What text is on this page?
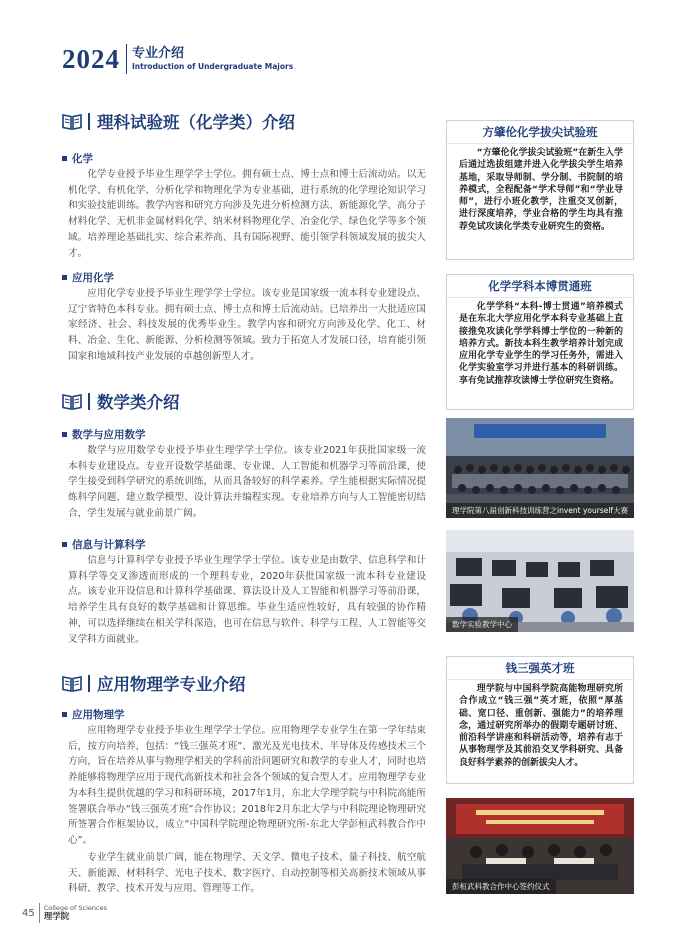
2024 专业介绍
Introduction of Undergraduate Majors
理科试验班（化学类）介绍
化学
化学专业授予毕业生理学学士学位。拥有硕士点、博士点和博士后流动站。以无机化学、有机化学、分析化学和物理化学为专业基础，进行系统的化学理论知识学习和实验技能训练。教学内容和研究方向涉及先进分析检测方法、新能源化学、高分子材料化学、无机非金属材料化学、纳米材料物理化学、冶金化学、绿色化学等多个领域。培养理论基础扎实、综合素养高、具有国际视野、能引领学科领域发展的拔尖人才。
应用化学
应用化学专业授予毕业生理学学士学位。该专业是国家级一流本科专业建设点、辽宁省特色本科专业。拥有硕士点、博士点和博士后流动站。已培养出一大批适应国家经济、社会、科技发展的优秀毕业生。教学内容和研究方向涉及化学、化工、材料、冶金、生化、新能源、分析检测等领域。致力于拓宽人才发展口径，培育能引领国家和地域科技产业发展的卓越创新型人才。
数学类介绍
数学与应用数学
数学与应用数学专业授予毕业生理学学士学位。该专业2021年获批国家级一流本科专业建设点。专业开设数学基础课、专业课、人工智能和机器学习等前沿课，使学生接受到科学研究的系统训练，从而具备较好的科学素养。学生能根据实际情况提炼科学问题、建立数学模型、设计算法并编程实现。专业培养方向与人工智能密切结合，学生发展与就业前景广阔。
信息与计算科学
信息与计算科学专业授予毕业生理学学士学位。该专业是由数学、信息科学和计算科学等交叉渗透而形成的一个理科专业，2020年获批国家级一流本科专业建设点。该专业开设信息和计算科学基础课、算法设计及人工智能和机器学习等前沿课，培养学生具有良好的数学基础和计算思维。毕业生适应性较好，具有较强的协作精神，可以选择继续在相关学科深造，也可在信息与软件、科学与工程、人工智能等交叉学科方面就业。
应用物理学专业介绍
应用物理学
应用物理学专业授予毕业生理学学士学位。应用物理学专业学生在第一学年结束后，按方向培养，包括：“钱三强英才班”、激光及光电技术、半导体及传感技术三个方向，旨在培养从事与物理学相关的学科前沿问题研究和教学的专业人才，同时也培养能够将物理学应用于现代高新技术和社会各个领域的复合型人才。应用物理学专业为本科生提供优越的学习和科研环境，2017年1月，东北大学理学院与中科院高能所签署联合举办“钱三强英才班”合作协议；2018年2月东北大学与中科院理论物理研究所签署合作框架协议，成立“中国科学院理论物理研究所-东北大学彭桓武科教合作中心”。
专业学生就业前景广阔，能在物理学、天文学、微电子技术、量子科技、航空航天、新能源、材料科学、光电子技术、数字医疗、自动控制等相关高新技术领域从事科研、教学、技术开发与应用、管理等工作。
方肇伦化学拔尖试验班
“方肇伦化学拔尖试验班”在新生入学后通过选拔组建并进入化学拔尖学生培养基地，采取导师制、学分制、书院制的培养模式，全程配备“学术导师”和“学业导师”，进行小班化教学，注重交叉创新，进行深度培养，学业合格的学生均具有推荐免试攻读化学类专业研究生的资格。
化学学科本博贯通班
化学学科“本科-博士贯通”培养模式是在东北大学应用化学本科专业基础上直接推免攻读化学学科博士学位的一种新的培养方式。新技本科生教学培养计划完成应用化学专业学生的学习任务外，需进入化学实验室学习并进行基本的科研训练。享有免试推荐攻读博士学位研究生资格。
理学院第八届创新科技训练营之invent yourself大赛
数学实验教学中心
钱三强英才班
理学院与中国科学院高能物理研究所合作成立“钱三强”英才班，依照“厚基础、宽口径、重创新、强能力”的培养理念，通过研究所举办的假期专题研讨班、前沿科学讲座和科研活动等，培养有志于从事物理学及其前沿交叉学科研究、具备良好科学素养的创新拔尖人才。
彭桓武科教合作中心签约仪式
45 College of Sciences
理学院
